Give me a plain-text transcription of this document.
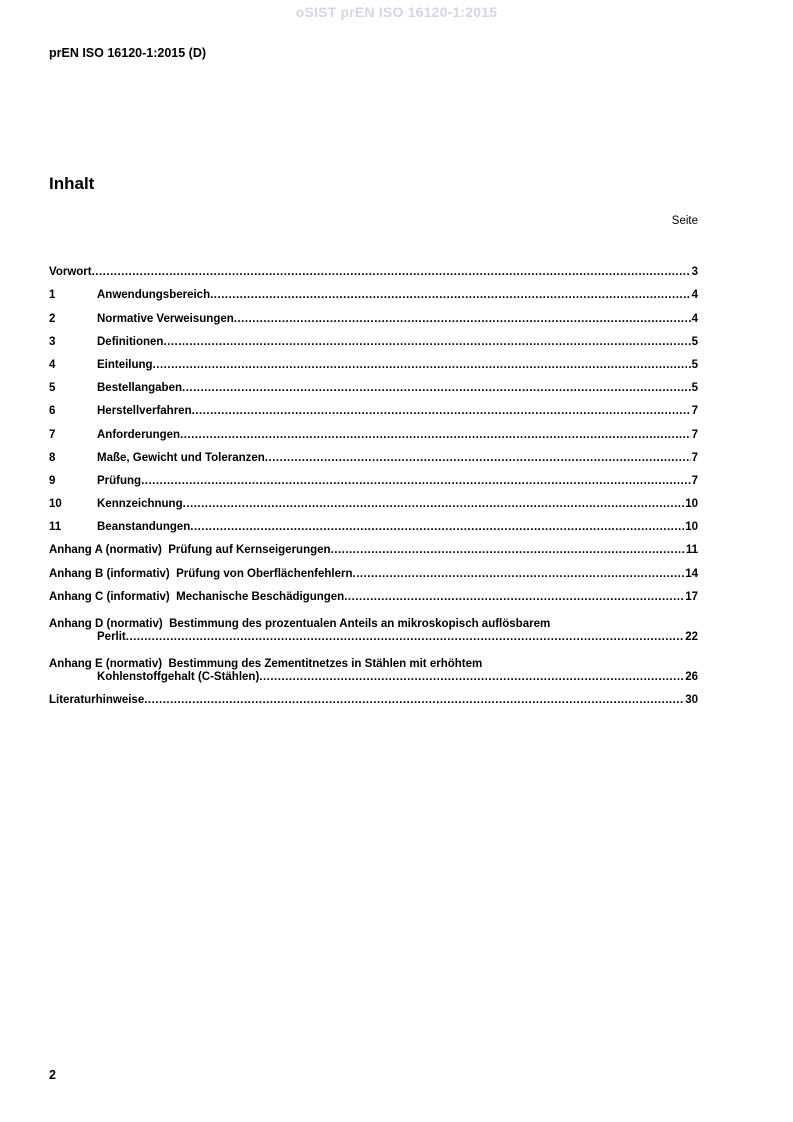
oSIST prEN ISO 16120-1:2015
prEN ISO 16120-1:2015 (D)
Inhalt
Seite
Vorwort .....	3
1	Anwendungsbereich .....	4
2	Normative Verweisungen .....	4
3	Definitionen .....	5
4	Einteilung .....	5
5	Bestellangaben .....	5
6	Herstellverfahren .....	7
7	Anforderungen .....	7
8	Maße, Gewicht und Toleranzen .....	7
9	Prüfung .....	7
10	Kennzeichnung .....	10
11	Beanstandungen .....	10
Anhang A (normativ)  Prüfung auf Kernseigerungen .....	11
Anhang B (informativ)  Prüfung von Oberflächenfehlern .....	14
Anhang C (informativ)  Mechanische Beschädigungen .....	17
Anhang D (normativ)  Bestimmung des prozentualen Anteils an mikroskopisch auflösbarem
Perlit .....	22
Anhang E (normativ)  Bestimmung des Zementitnetzes in Stählen mit erhöhtem
Kohlenstoffgehalt (C-Stählen) .....	26
Literaturhinweise .....	30
2
